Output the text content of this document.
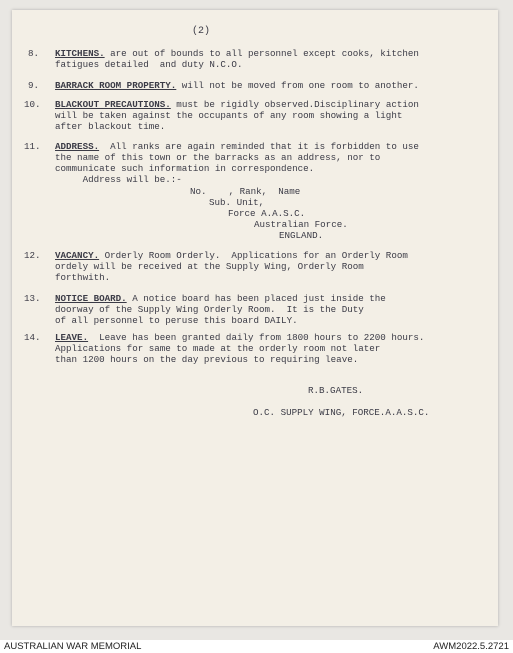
(2)
8. KITCHENS. are out of bounds to all personnel except cooks, kitchen
fatigues detailed  and duty N.C.O.
9. BARRACK ROOM PROPERTY. will not be moved from one room to another.
10. BLACKOUT PRECAUTIONS. must be rigidly observed.Disciplinary action
will be taken against the occupants of any room showing a light
after blackout time.
11. ADDRESS.  All ranks are again reminded that it is forbidden to use
the name of this town or the barracks as an address, nor to
communicate such information in correspondence.
Address will be.:-
No.    , Rank,  Name
Sub. Unit,
Force A.A.S.C.
Australian Force.
ENGLAND.
12. VACANCY. Orderly Room Orderly.  Applications for an Orderly Room
ordely will be received at the Supply Wing, Orderly Room
forthwith.
13. NOTICE BOARD. A notice board has been placed just inside the
doorway of the Supply Wing Orderly Room.  It is the Duty
of all personnel to peruse this board DAILY.
14. LEAVE.  Leave has been granted daily from 1800 hours to 2200 hours.
Applications for same to made at the orderly room not later
than 1200 hours on the day previous to requiring leave.
R.B.GATES.
O.C. SUPPLY WING, FORCE.A.A.S.C.
AUSTRALIAN WAR MEMORIAL	AWM2022.5.2721
